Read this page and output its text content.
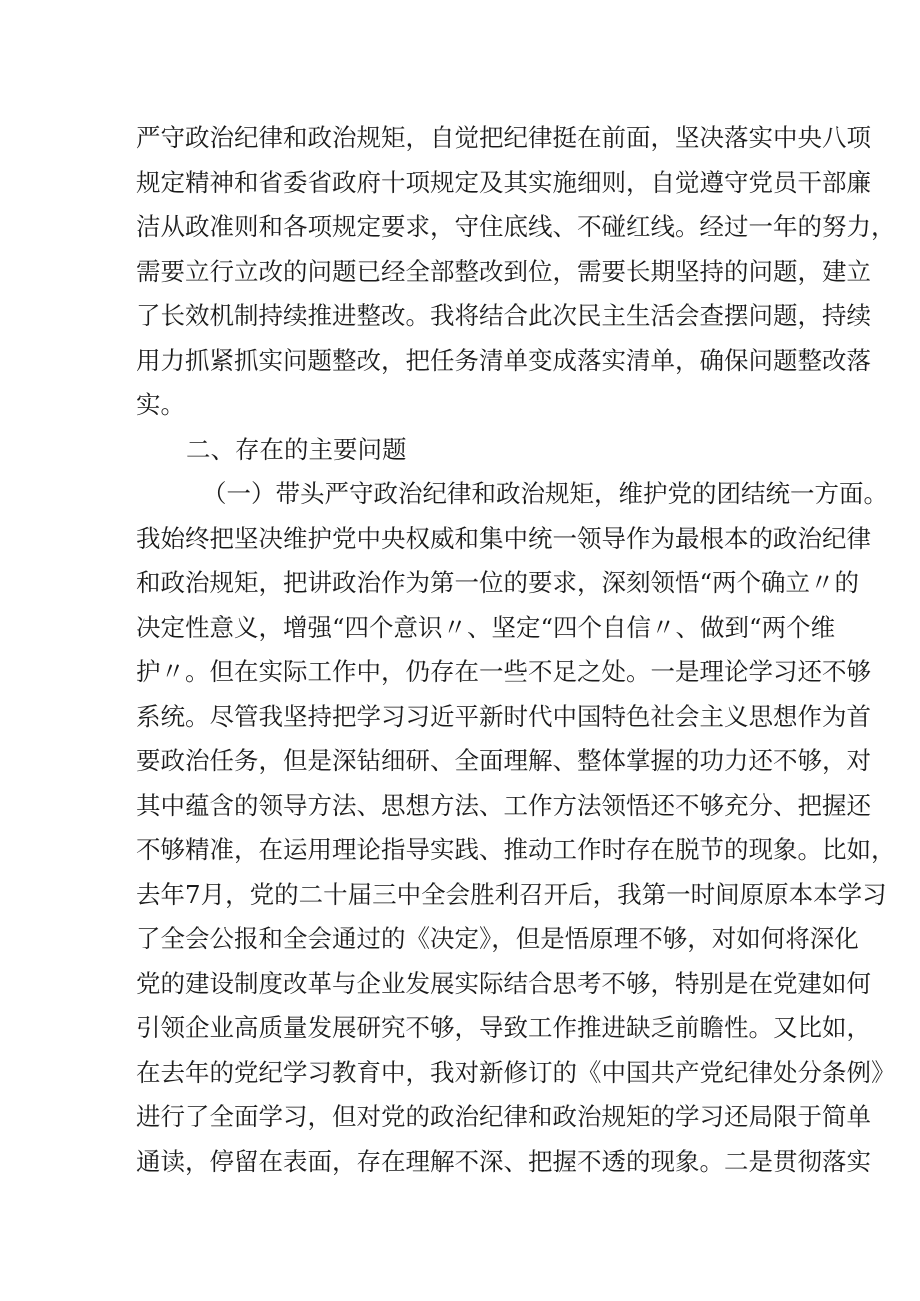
严守政治纪律和政治规矩，自觉把纪律挺在前面，坚决落实中央八项
规定精神和省委省政府十项规定及其实施细则，自觉遵守党员干部廉
洁从政准则和各项规定要求，守住底线、不碰红线。经过一年的努力，
需要立行立改的问题已经全部整改到位，需要长期坚持的问题，建立
了长效机制持续推进整改。我将结合此次民主生活会查摆问题，持续
用力抓紧抓实问题整改，把任务清单变成落实清单，确保问题整改落
实。
二、存在的主要问题
（一）带头严守政治纪律和政治规矩，维护党的团结统一方面。
我始终把坚决维护党中央权威和集中统一领导作为最根本的政治纪律
和政治规矩，把讲政治作为第一位的要求，深刻领悟“两个确立〃的
决定性意义，增强“四个意识〃、坚定“四个自信〃、做到“两个维
护〃。但在实际工作中，仍存在一些不足之处。一是理论学习还不够
系统。尽管我坚持把学习习近平新时代中国特色社会主义思想作为首
要政治任务，但是深钻细研、全面理解、整体掌握的功力还不够，对
其中蕴含的领导方法、思想方法、工作方法领悟还不够充分、把握还
不够精准，在运用理论指导实践、推动工作时存在脱节的现象。比如，
去年7月，党的二十届三中全会胜利召开后，我第一时间原原本本学习
了全会公报和全会通过的《决定》，但是悟原理不够，对如何将深化
党的建设制度改革与企业发展实际结合思考不够，特别是在党建如何
引领企业高质量发展研究不够，导致工作推进缺乏前瞻性。又比如，
在去年的党纪学习教育中，我对新修订的《中国共产党纪律处分条例》
进行了全面学习，但对党的政治纪律和政治规矩的学习还局限于简单
通读，停留在表面，存在理解不深、把握不透的现象。二是贯彻落实
